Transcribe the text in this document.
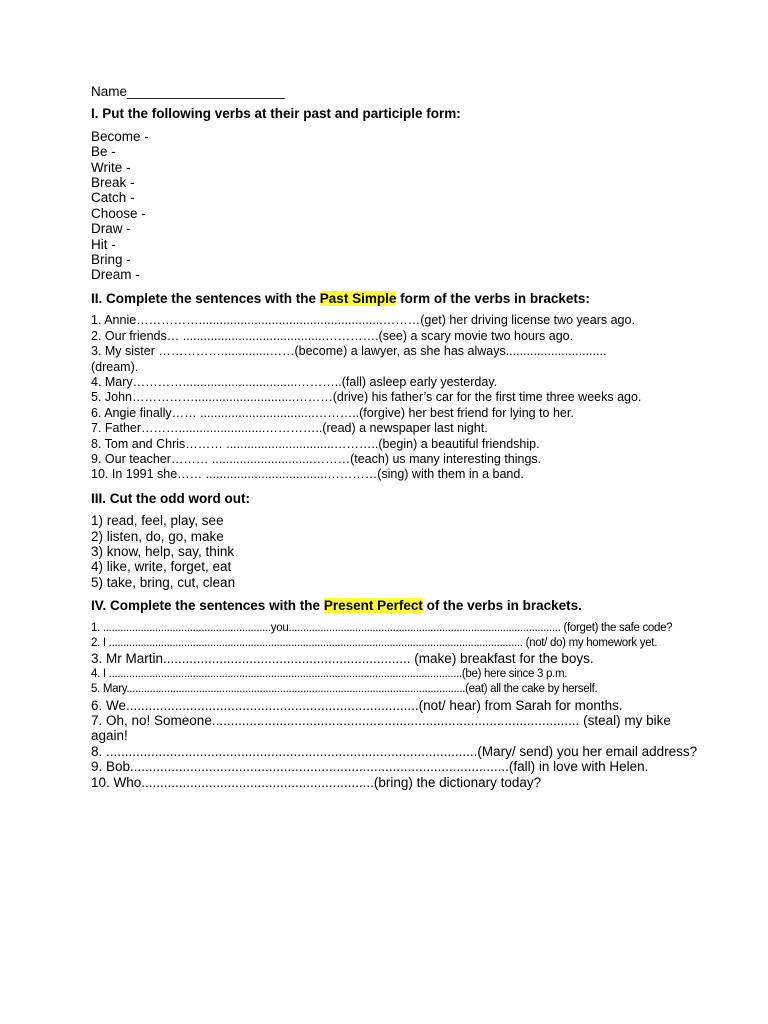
Name_____________________
I. Put the following verbs at their past and participle form:
Become -
Be -
Write -
Break -
Catch -
Choose -
Draw -
Hit -
Bring -
Dream -
II. Complete the sentences with the Past Simple form of the verbs in brackets:
1. Annie…………….....................................................………(get) her driving license two years ago.
2. Our friends… .........................................………….(see) a scary movie two hours ago.
3. My sister ……………..............……(become) a lawyer, as she has always.............................
(dream).
4. Mary………….................................………..(fall) asleep early yesterday.
5. John…………….............................………(drive) his father’s car for the first time three weeks ago.
6. Angie finally…… .................................………..(forgive) her best friend for lying to her.
7. Father……….........................…………..(read) a newspaper last night.
8. Tom and Chris……… ...............................………..(begin) a beautiful friendship.
9. Our teacher……… .............................………(teach) us many interesting things.
10. In 1991 she…… ...................................…………(sing) with them in a band.
III. Cut the odd word out:
1) read, feel, play, see
2) listen, do, go, make
3) know, help, say, think
4) like, write, forget, eat
5) take, bring, cut, clean
IV. Complete the sentences with the Present Perfect of the verbs in brackets.
1. ..........................................................you.............................................................................................. (forget) the safe code?
2. I ............................................................................................................................................... (not/ do) my homework yet.
3. Mr Martin.................................................................. (make) breakfast for the boys.
4. I ..........................................................................................................................(be) here since 3 p.m.
5. Mary.....................................................................................................................(eat) all the cake by herself.
6. We..............................................................................(not/ hear) from Sarah for months.
7. Oh, no! Someone.................................................................................................. (steal) my bike again!
8. ...................................................................................................(Mary/ send) you her email address?
9. Bob.....................................................................................................(fall) in love with Helen.
10. Who..............................................................(bring) the dictionary today?
